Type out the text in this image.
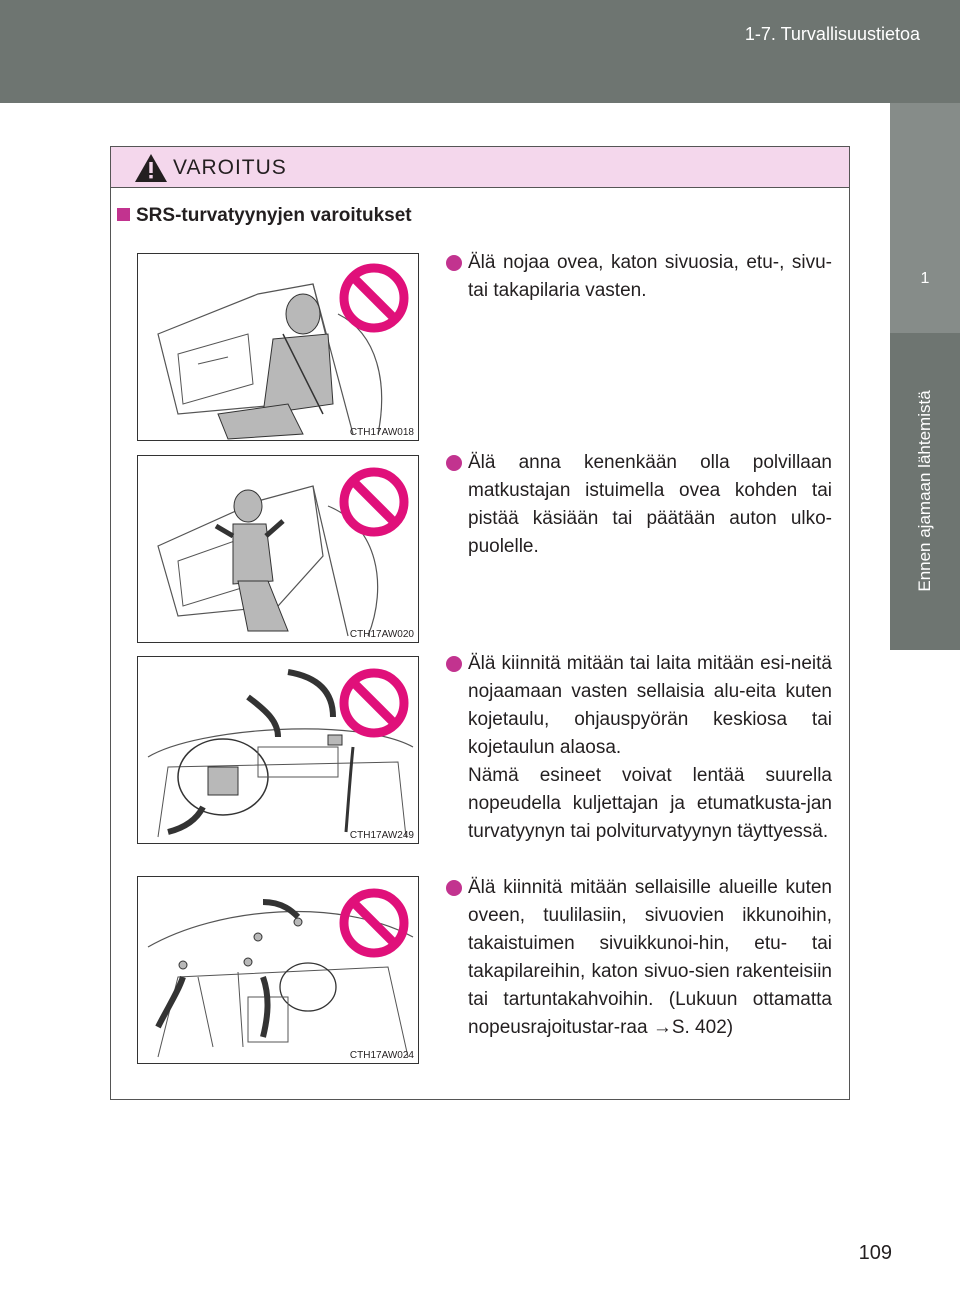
1-7. Turvallisuustietoa
1
Ennen ajamaan lähtemistä
VAROITUS
SRS-turvatyynyjen varoitukset
CTH17AW018

Älä nojaa ovea, katon sivuosia, etu-, sivu- tai takapilaria vasten.

CTH17AW020

Älä anna kenenkään olla polvillaan matkustajan istuimella ovea kohden tai pistää käsiään tai päätään auton ulko-puolelle.

CTH17AW249

Älä kiinnitä mitään tai laita mitään esi-neitä nojaamaan vasten sellaisia alu-eita kuten kojetaulu, ohjauspyörän keskiosa tai kojetaulun alaosa.

Nämä esineet voivat lentää suurella nopeudella kuljettajan ja etumatkusta-jan turvatyynyn tai polviturvatyynyn täyttyessä.

CTH17AW024

Älä kiinnitä mitään sellaisille alueille kuten oveen, tuulilasiin, sivuovien ikkunoihin, takaistuimen sivuikkunoi-hin, etu- tai takapilareihin, katon sivuo-sien rakenteisiin tai tartuntakahvoihin. (Lukuun ottamatta nopeusrajoitustar-raa →S. 402)

109
